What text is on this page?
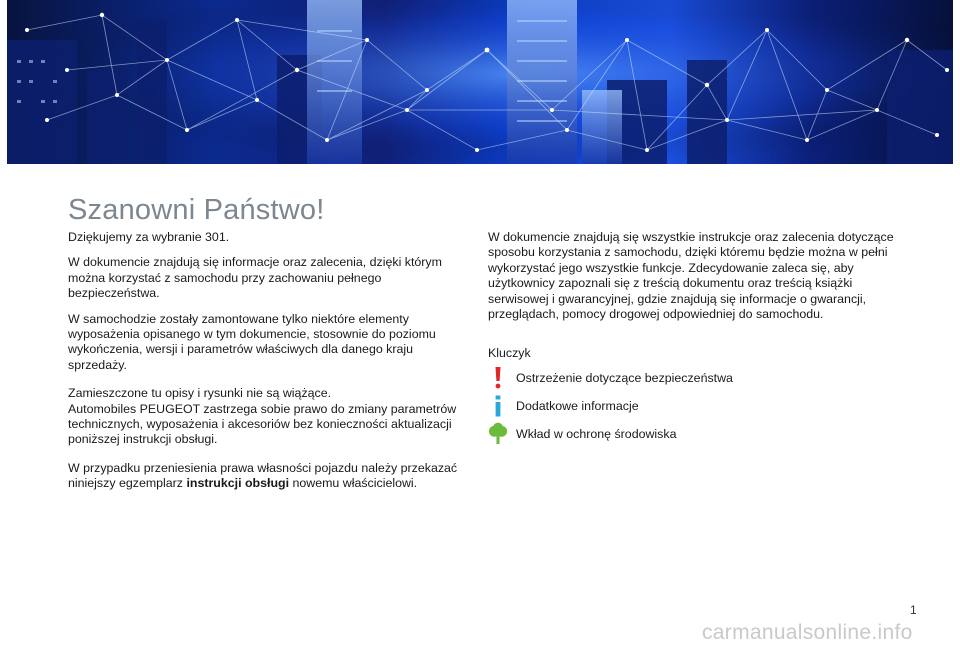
Szanowni Państwo!

Dziękujemy za wybranie 301.

W dokumencie znajdują się informacje oraz zalecenia, dzięki którym można korzystać z samochodu przy zachowaniu pełnego bezpieczeństwa.

W samochodzie zostały zamontowane tylko niektóre elementy wyposażenia opisanego w tym dokumencie, stosownie do poziomu wykończenia, wersji i parametrów właściwych dla danego kraju sprzedaży.

Zamieszczone tu opisy i rysunki nie są wiążące.
Automobiles PEUGEOT zastrzega sobie prawo do zmiany parametrów technicznych, wyposażenia i akcesoriów bez konieczności aktualizacji poniższej instrukcji obsługi.

W przypadku przeniesienia prawa własności pojazdu należy przekazać niniejszy egzemplarz instrukcji obsługi nowemu właścicielowi.

W dokumencie znajdują się wszystkie instrukcje oraz zalecenia dotyczące sposobu korzystania z samochodu, dzięki któremu będzie można w pełni wykorzystać jego wszystkie funkcje. Zdecydowanie zaleca się, aby użytkownicy zapoznali się z treścią dokumentu oraz treścią książki serwisowej i gwarancyjnej, gdzie znajdują się informacje o gwarancji, przeglądach, pomocy drogowej odpowiedniej do samochodu.

Kluczyk
Ostrzeżenie dotyczące bezpieczeństwa
Dodatkowe informacje
Wkład w ochronę środowiska
1
carmanualsonline.info
